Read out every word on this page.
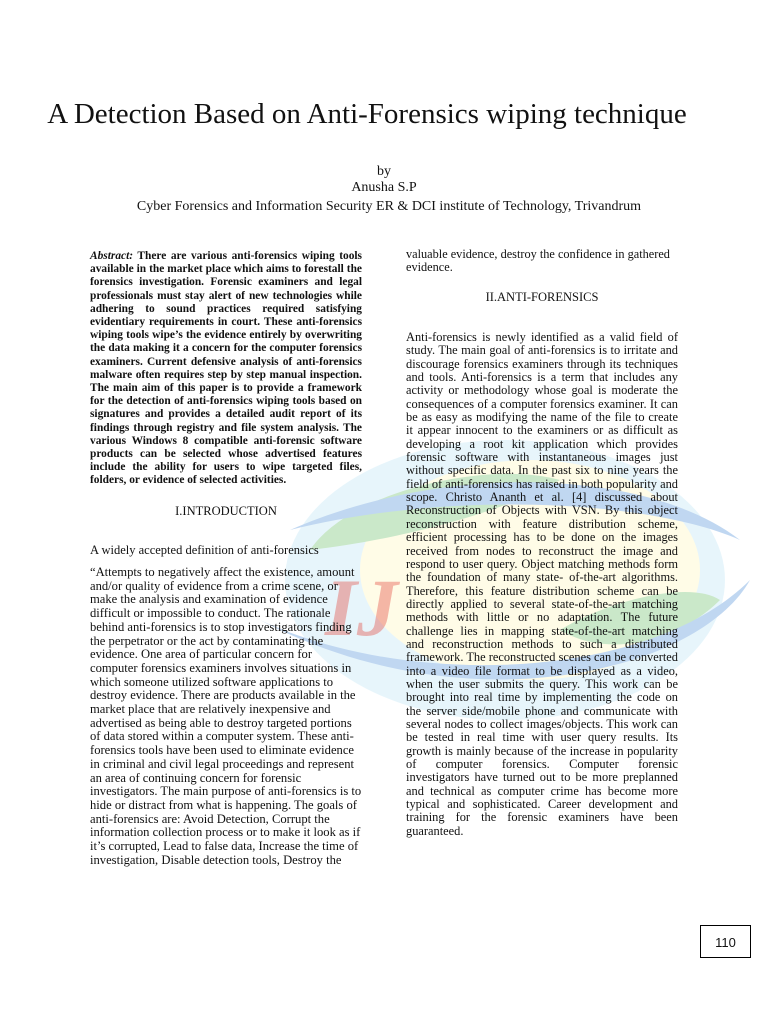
IJ
A Detection Based on Anti-Forensics wiping technique
by
Anusha S.P
Cyber Forensics and Information Security ER & DCI institute of Technology, Trivandrum
Abstract: There are various anti-forensics wiping tools available in the market place which aims to forestall the forensics investigation. Forensic examiners and legal professionals must stay alert of new technologies while adhering to sound practices required satisfying evidentiary requirements in court. These anti-forensics wiping tools wipe’s the evidence entirely by overwriting the data making it a concern for the computer forensics examiners. Current defensive analysis of anti-forensics malware often requires step by step manual inspection. The main aim of this paper is to provide a framework for the detection of anti-forensics wiping tools based on signatures and provides a detailed audit report of its findings through registry and file system analysis. The various Windows 8 compatible anti-forensic software products can be selected whose advertised features include the ability for users to wipe targeted files, folders, or evidence of selected activities.
I.INTRODUCTION
A widely accepted definition of anti-forensics
“Attempts to negatively affect the existence, amount and/or quality of evidence from a crime scene, or make the analysis and examination of evidence difficult or impossible to conduct. The rationale behind anti-forensics is to stop investigators finding the perpetrator or the act by contaminating the evidence. One area of particular concern for computer forensics examiners involves situations in which someone utilized software applications to destroy evidence. There are products available in the market place that are relatively inexpensive and advertised as being able to destroy targeted portions of data stored within a computer system. These anti-forensics tools have been used to eliminate evidence in criminal and civil legal proceedings and represent an area of continuing concern for forensic investigators. The main purpose of anti-forensics is to hide or distract from what is happening. The goals of anti-forensics are: Avoid Detection, Corrupt the information collection process or to make it look as if it’s corrupted, Lead to false data, Increase the time of investigation, Disable detection tools, Destroy the
valuable evidence, destroy the confidence in gathered evidence.
II.ANTI-FORENSICS
Anti-forensics is newly identified as a valid field of study. The main goal of anti-forensics is to irritate and discourage forensics examiners through its techniques and tools. Anti-forensics is a term that includes any activity or methodology whose goal is moderate the consequences of a computer forensics examiner. It can be as easy as modifying the name of the file to create it appear innocent to the examiners or as difficult as developing a root kit application which provides forensic software with instantaneous images just without specific data. In the past six to nine years the field of anti-forensics has raised in both popularity and scope. Christo Ananth et al. [4] discussed about Reconstruction of Objects with VSN. By this object reconstruction with feature distribution scheme, efficient processing has to be done on the images received from nodes to reconstruct the image and respond to user query. Object matching methods form the foundation of many state- of-the-art algorithms. Therefore, this feature distribution scheme can be directly applied to several state-of-the-art matching methods with little or no adaptation. The future challenge lies in mapping state-of-the-art matching and reconstruction methods to such a distributed framework. The reconstructed scenes can be converted into a video file format to be displayed as a video, when the user submits the query. This work can be brought into real time by implementing the code on the server side/mobile phone and communicate with several nodes to collect images/objects. This work can be tested in real time with user query results. Its growth is mainly because of the increase in popularity of computer forensics. Computer forensic investigators have turned out to be more preplanned and technical as computer crime has become more typical and sophisticated. Career development and training for the forensic examiners have been guaranteed.
110
